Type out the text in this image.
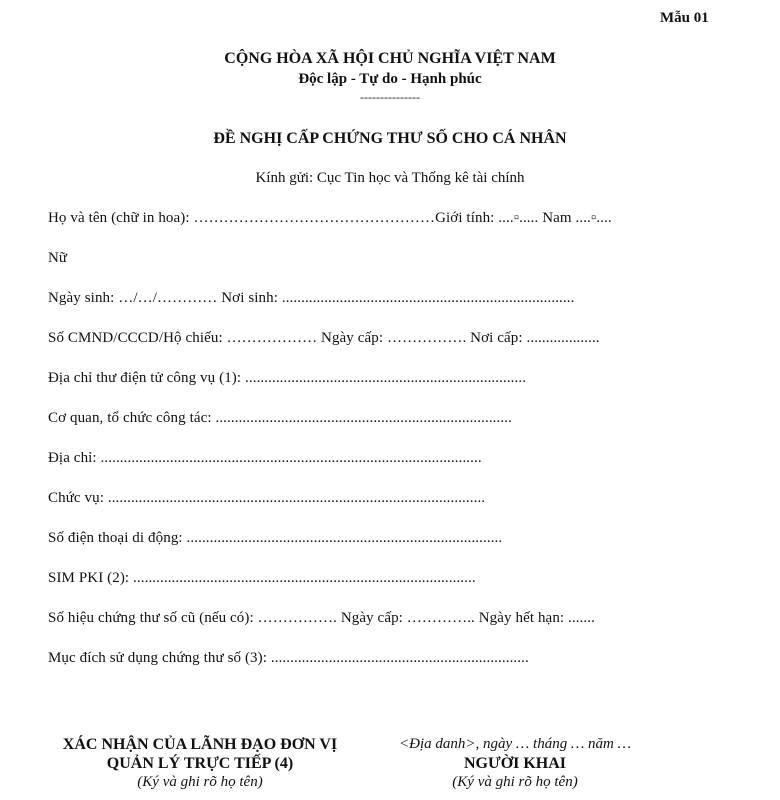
Mẫu 01
CỘNG HÒA XÃ HỘI CHỦ NGHĨA VIỆT NAM
Độc lập - Tự do - Hạnh phúc
---------------
ĐỀ NGHỊ CẤP CHỨNG THƯ SỐ CHO CÁ NHÂN
Kính gửi: Cục Tin học và Thống kê tài chính
Họ và tên (chữ in hoa): …………………………………………Giới tính: ....▫..... Nam ....▫....
Nữ
Ngày sinh: …/…/………… Nơi sinh: ............................................................................
Số CMND/CCCD/Hộ chiếu: ……………… Ngày cấp: ……………. Nơi cấp: ...................
Địa chỉ thư điện tử công vụ (1): .........................................................................
Cơ quan, tổ chức công tác: .............................................................................
Địa chỉ: ...................................................................................................
Chức vụ: ..................................................................................................
Số điện thoại di động: ..................................................................................
SIM PKI (2): .........................................................................................
Số hiệu chứng thư số cũ (nếu có): ……………. Ngày cấp: ………….. Ngày hết hạn: .......
Mục đích sử dụng chứng thư số (3): ...................................................................
XÁC NHẬN CỦA LÃNH ĐẠO ĐƠN VỊ
QUẢN LÝ TRỰC TIẾP (4)
(Ký và ghi rõ họ tên)
<Địa danh>, ngày … tháng … năm …
NGƯỜI KHAI
(Ký và ghi rõ họ tên)
